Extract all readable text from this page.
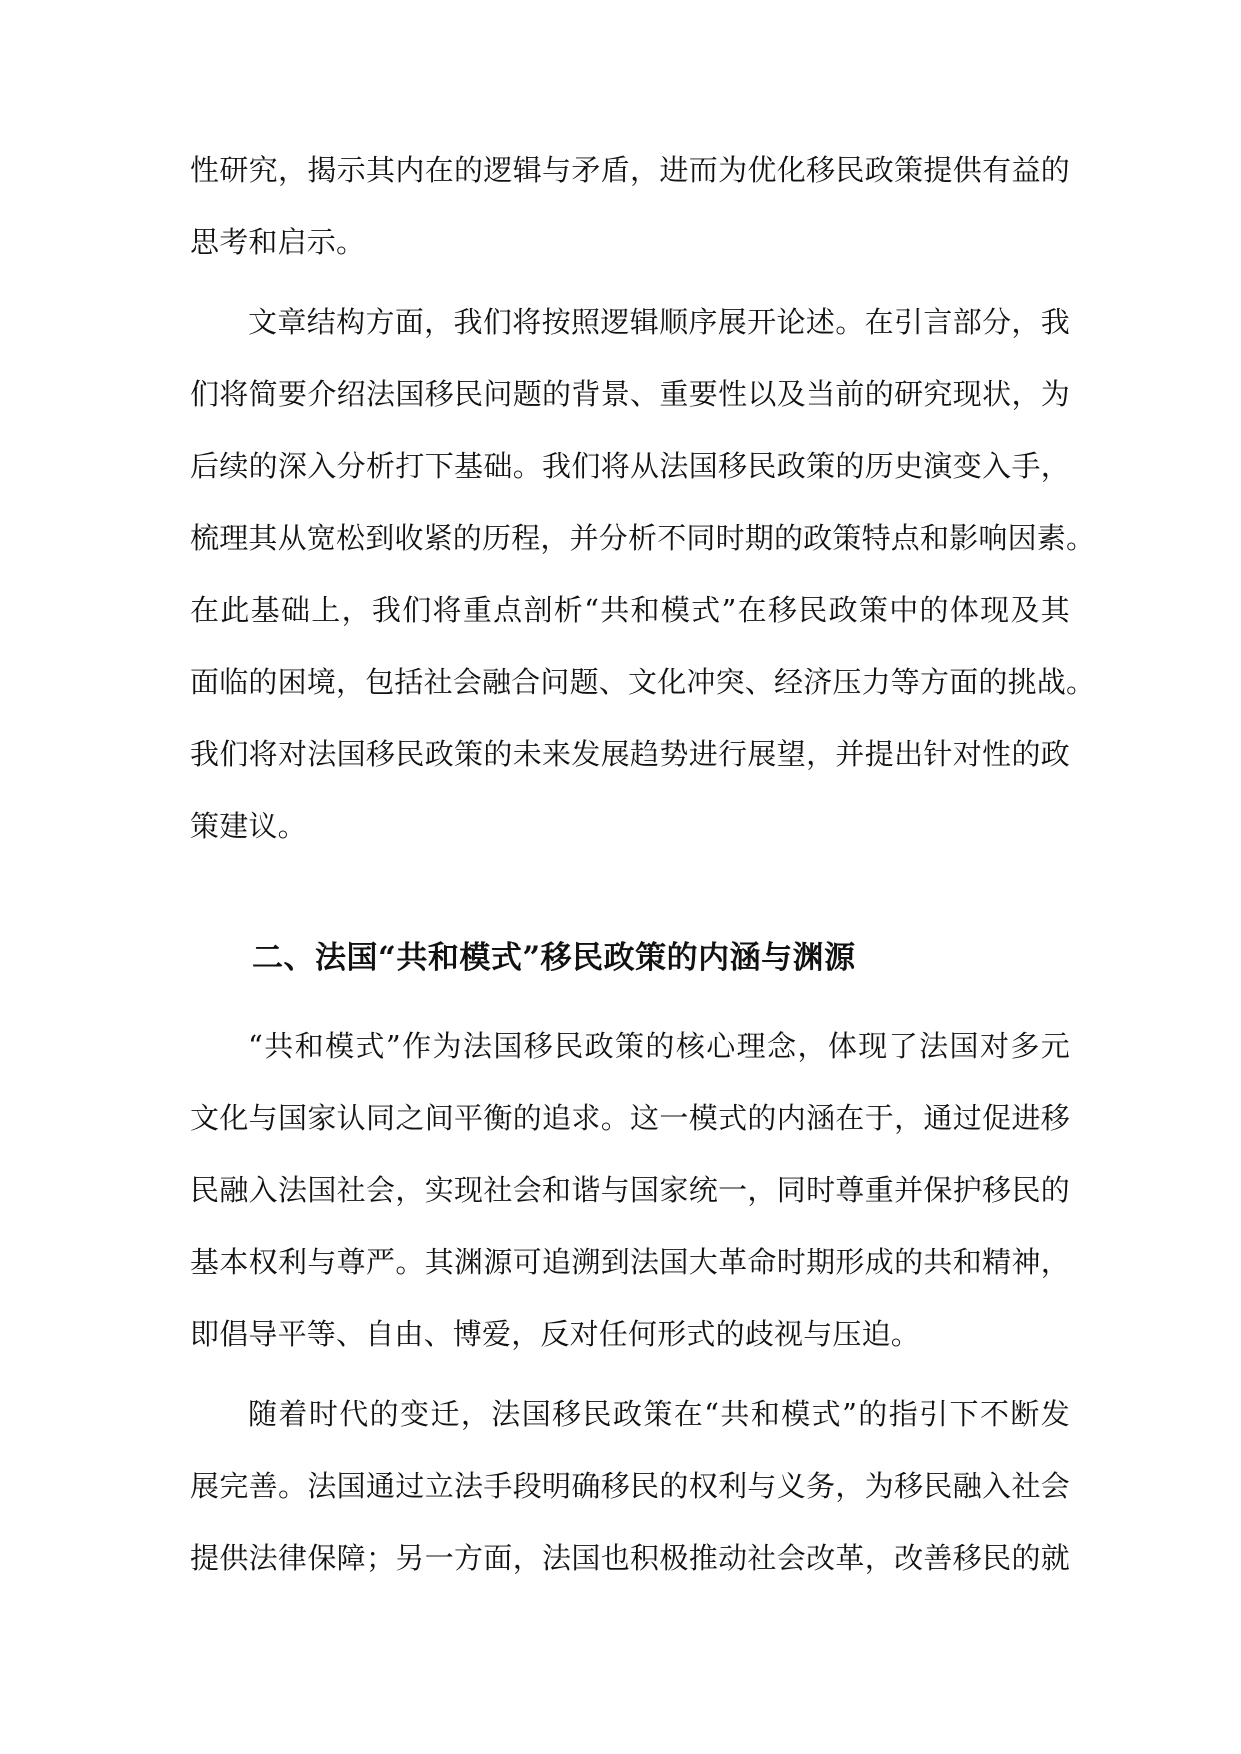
性研究，揭示其内在的逻辑与矛盾，进而为优化移民政策提供有益的
思考和启示。
文章结构方面，我们将按照逻辑顺序展开论述。在引言部分，我
们将简要介绍法国移民问题的背景、重要性以及当前的研究现状，为
后续的深入分析打下基础。我们将从法国移民政策的历史演变入手，
梳理其从宽松到收紧的历程，并分析不同时期的政策特点和影响因素。
在此基础上，我们将重点剖析“共和模式”在移民政策中的体现及其
面临的困境，包括社会融合问题、文化冲突、经济压力等方面的挑战。
我们将对法国移民政策的未来发展趋势进行展望，并提出针对性的政
策建议。
二、法国“共和模式”移民政策的内涵与渊源
“共和模式”作为法国移民政策的核心理念，体现了法国对多元
文化与国家认同之间平衡的追求。这一模式的内涵在于，通过促进移
民融入法国社会，实现社会和谐与国家统一，同时尊重并保护移民的
基本权利与尊严。其渊源可追溯到法国大革命时期形成的共和精神，
即倡导平等、自由、博爱，反对任何形式的歧视与压迫。
随着时代的变迁，法国移民政策在“共和模式”的指引下不断发
展完善。法国通过立法手段明确移民的权利与义务，为移民融入社会
提供法律保障；另一方面，法国也积极推动社会改革，改善移民的就
